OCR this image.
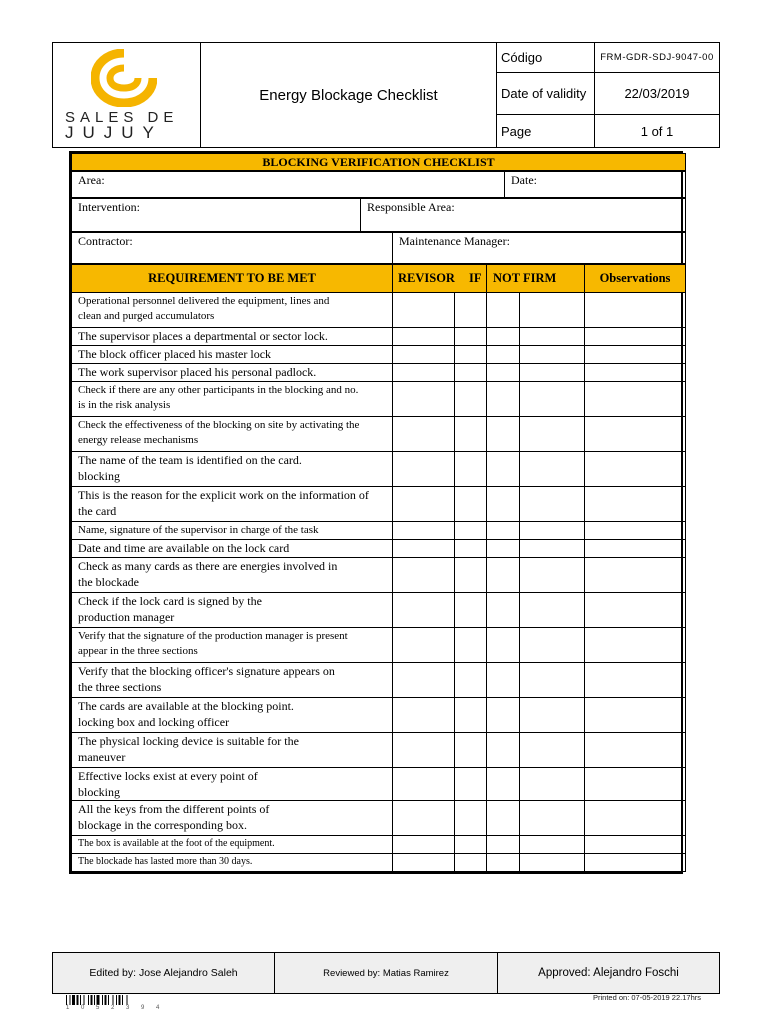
SALES DE
JUJUY
Energy Blockage Checklist
Código	FRM-GDR-SDJ-9047-00
Date of validity	22/03/2019
Page	1 of 1
BLOCKING VERIFICATION CHECKLIST
Area:	Date:
Intervention:	Responsible Area:
Contractor:	Maintenance Manager:
REQUIREMENT TO BE MET	REVISOR IF		NOT FIRM		Observations

Operational personnel delivered the equipment, lines and
clean and purged accumulators					

The supervisor places a departmental or sector lock.					

The block officer placed his master lock					

The work supervisor placed his personal padlock.					

Check if there are any other participants in the blocking and no.
is in the risk analysis					

Check the effectiveness of the blocking on site by activating the
energy release mechanisms					

The name of the team is identified on the card.
blocking					

This is the reason for the explicit work on the information of
the card					

Name, signature of the supervisor in charge of the task					

Date and time are available on the lock card					

Check as many cards as there are energies involved in
the blockade					

Check if the lock card is signed by the
production manager					

Verify that the signature of the production manager is present
appear in the three sections					

Verify that the blocking officer's signature appears on
the three sections					

The cards are available at the blocking point.
locking box and locking officer					

The physical locking device is suitable for the
maneuver					

Effective locks exist at every point of
blocking					

All the keys from the different points of
blockage in the corresponding box.					

The box is available at the foot of the equipment.					

The blockade has lasted more than 30 days.					

Edited by: Jose Alejandro Saleh	Reviewed by: Matias Ramirez	Approved: Alejandro Foschi
1 0 5 2 3 9 4
Printed on: 07-05-2019 22.17hrs
